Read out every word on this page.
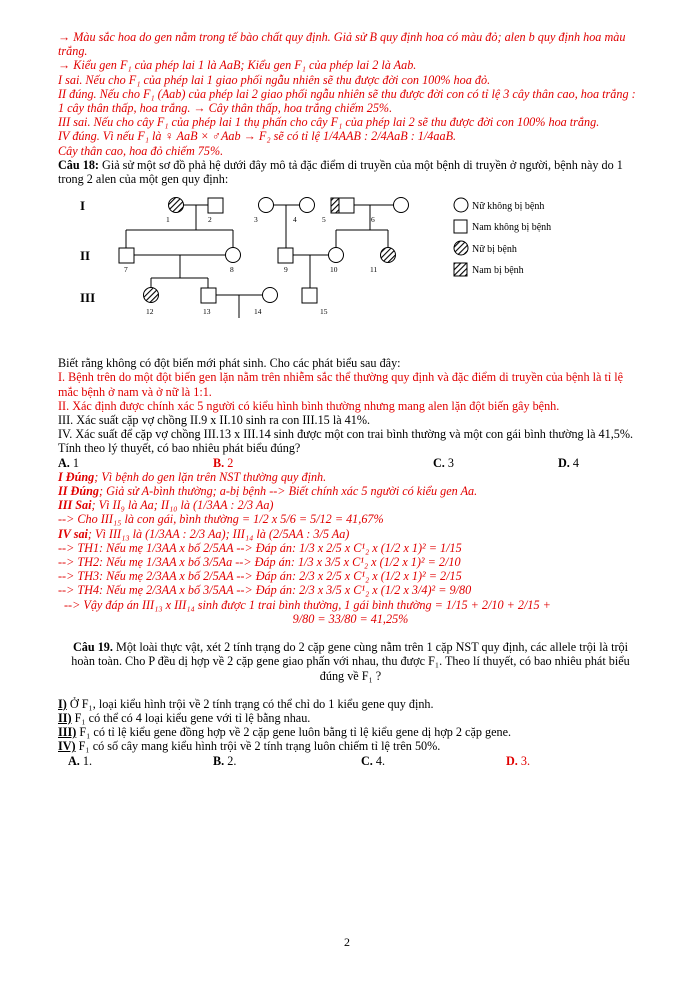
→ Màu sắc hoa do gen nằm trong tế bào chất quy định. Giả sử B quy định hoa có màu đỏ; alen b quy định hoa màu trắng.

→ Kiểu gen F₁ của phép lai 1 là AaB; Kiểu gen F₁ của phép lai 2 là Aab.

I sai. Nếu cho F₁ của phép lai 1 giao phối ngẫu nhiên sẽ thu được đời con 100% hoa đỏ.

II đúng. Nếu cho F₁ (Aab) của phép lai 2 giao phối ngẫu nhiên sẽ thu được đời con có tỉ lệ 3 cây thân cao, hoa trắng : 1 cây thân thấp, hoa trắng. → Cây thân thấp, hoa trắng chiếm 25%.

III sai. Nếu cho cây F₁ của phép lai 1 thụ phấn cho cây F₁ của phép lai 2 sẽ thu được đời con 100% hoa trắng.

IV đúng. Vì nếu F₁ là ♀ AaB × ♂Aab → F₂ sẽ có tỉ lệ 1/4AAB : 2/4AaB : 1/4aaB.

Cây thân cao, hoa đỏ chiếm 75%.

Câu 18: Giả sử một sơ đồ phả hệ dưới đây mô tả đặc điểm di truyền của một bệnh di truyền ở người, bệnh này do 1 trong 2 alen của một gen quy định:

I
II
III
1	2	3	4	5	6
7	8	9	10	11
12	13	14	15
Nữ không bị bệnh
Nam không bị bệnh
Nữ bị bệnh
Nam bị bệnh

Biết rằng không có đột biến mới phát sinh. Cho các phát biểu sau đây:

I. Bệnh trên do một đột biến gen lặn nằm trên nhiễm sắc thể thường quy định và đặc điểm di truyền của bệnh là tỉ lệ mắc bệnh ở nam và ở nữ là 1:1.

II. Xác định được chính xác 5 người có kiểu hình bình thường nhưng mang alen lặn đột biến gây bệnh.

III. Xác suất cặp vợ chồng II.9 x II.10 sinh ra con III.15 là 41%.

IV. Xác suất để cặp vợ chồng III.13 x III.14 sinh được một con trai bình thường và một con gái bình thường là 41,5%.

Tính theo lý thuyết, có bao nhiêu phát biểu đúng?

A. 1	B. 2	C. 3	D. 4

I Đúng; Vì bệnh do gen lặn trên NST thường quy định.

II Đúng; Giả sử A-bình thường; a-bị bệnh --> Biết chính xác 5 người có kiểu gen Aa.

III Sai; Vì II₉ là Aa; II₁₀ là (1/3AA : 2/3 Aa)

--> Cho III₁₅ là con gái, bình thường = 1/2 x 5/6 = 5/12 = 41,67%

IV sai; Vì III₁₃ là (1/3AA : 2/3 Aa); III₁₄ là (2/5AA : 3/5 Aa)

--> TH1: Nếu mẹ 1/3AA x bố 2/5AA --> Đáp án: 1/3 x 2/5 x C¹₂ x (1/2 x 1)² = 1/15

--> TH2: Nếu mẹ 1/3AA x bố 3/5Aa --> Đáp án: 1/3 x 3/5 x C¹₂ x (1/2 x 1)² = 2/10

--> TH3: Nếu mẹ 2/3AA x bố 2/5AA --> Đáp án: 2/3 x 2/5 x C¹₂ x (1/2 x 1)² = 2/15

--> TH4: Nếu mẹ 2/3AA x bố 3/5AA --> Đáp án: 2/3 x 3/5 x C¹₂ x (1/2 x 3/4)² = 9/80

--> Vậy đáp án III₁₃ x III₁₄ sinh được 1 trai bình thường, 1 gái bình thường = 1/15 + 2/10 + 2/15 +

9/80 = 33/80 = 41,25%

Câu 19. Một loài thực vật, xét 2 tính trạng do 2 cặp gene cùng nằm trên 1 cặp NST quy định, các allele trội là trội hoàn toàn. Cho P đều dị hợp về 2 cặp gene giao phấn với nhau, thu được F₁. Theo lí thuyết, có bao nhiêu phát biểu đúng về F₁ ?

I) Ở F₁, loại kiểu hình trội về 2 tính trạng có thể chỉ do 1 kiểu gene quy định.

II) F₁ có thể có 4 loại kiểu gene với tỉ lệ bằng nhau.

III) F₁ có tỉ lệ kiểu gene đồng hợp về 2 cặp gene luôn bằng tỉ lệ kiểu gene dị hợp 2 cặp gene.

IV) F₁ có số cây mang kiểu hình trội về 2 tính trạng luôn chiếm tỉ lệ trên 50%.

A. 1.	B. 2.	C. 4.	D. 3.
2
